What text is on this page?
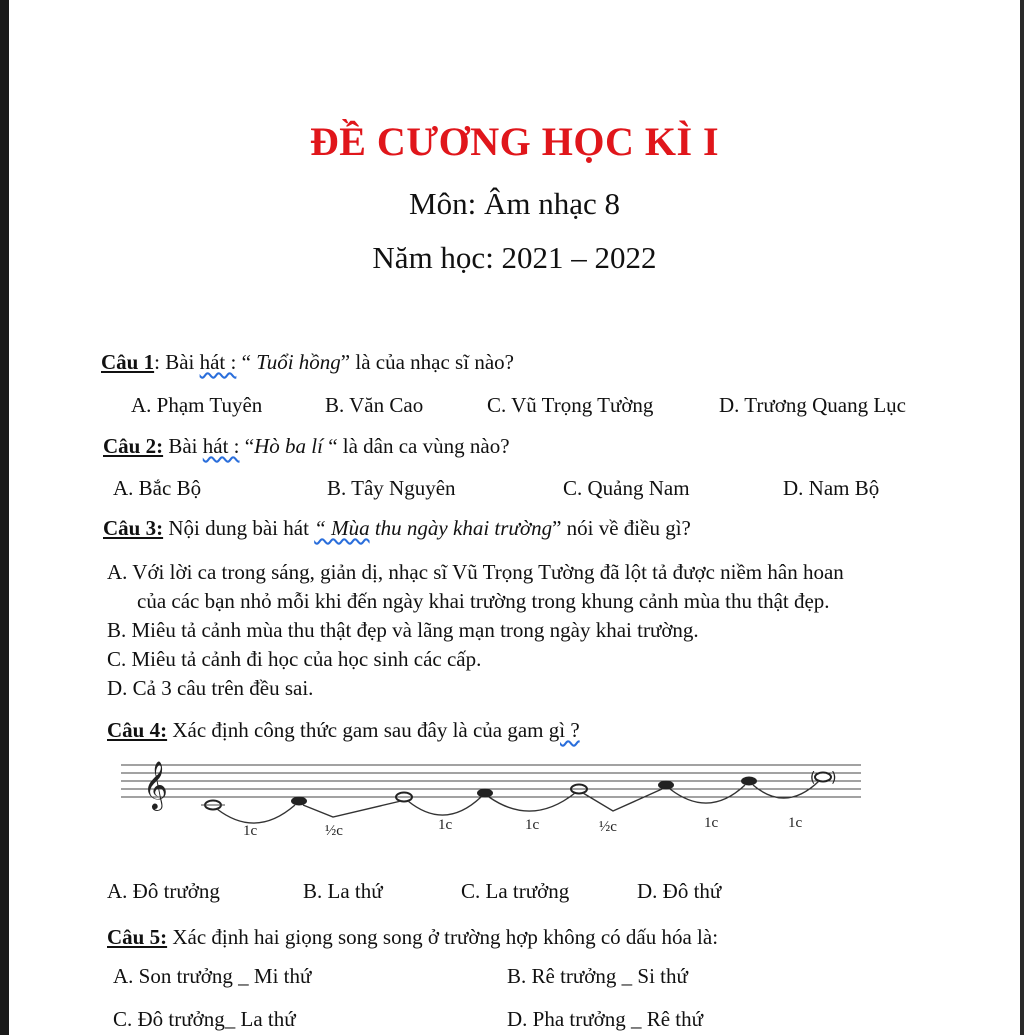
ĐỀ CƯƠNG HỌC KÌ I
Môn: Âm nhạc 8
Năm học: 2021 – 2022
Câu 1: Bài hát : “ Tuổi hồng” là của nhạc sĩ nào?
A. Phạm Tuyên	B. Văn Cao	C. Vũ Trọng Tường	D. Trương Quang Lục
Câu 2: Bài hát : “Hò ba lí “ là dân ca vùng nào?
A. Bắc Bộ	B. Tây Nguyên	C. Quảng Nam	D. Nam Bộ
Câu 3: Nội dung bài hát “ Mùa thu ngày khai trường” nói về điều gì?
A. Với lời ca trong sáng, giản dị, nhạc sĩ Vũ Trọng Tường đã lột tả được niềm hân hoan
của các bạn nhỏ mỗi khi đến ngày khai trường trong khung cảnh mùa thu thật đẹp.
B. Miêu tả cảnh mùa thu thật đẹp và lãng mạn trong ngày khai trường.
C. Miêu tả cảnh đi học của học sinh các cấp.
D. Cả 3 câu trên đều sai.
Câu 4: Xác định công thức gam sau đây là của gam gì ?
𝄞	( )
1c	½c	1c	1c	½c	1c	1c
A. Đô trưởng	B. La thứ	C. La trưởng	D. Đô thứ
Câu 5: Xác định hai giọng song song ở trường hợp không có dấu hóa là:
A. Son trưởng _ Mi thứ	B. Rê trưởng _ Si thứ
C. Đô trưởng_ La thứ	D. Pha trưởng _ Rê thứ
